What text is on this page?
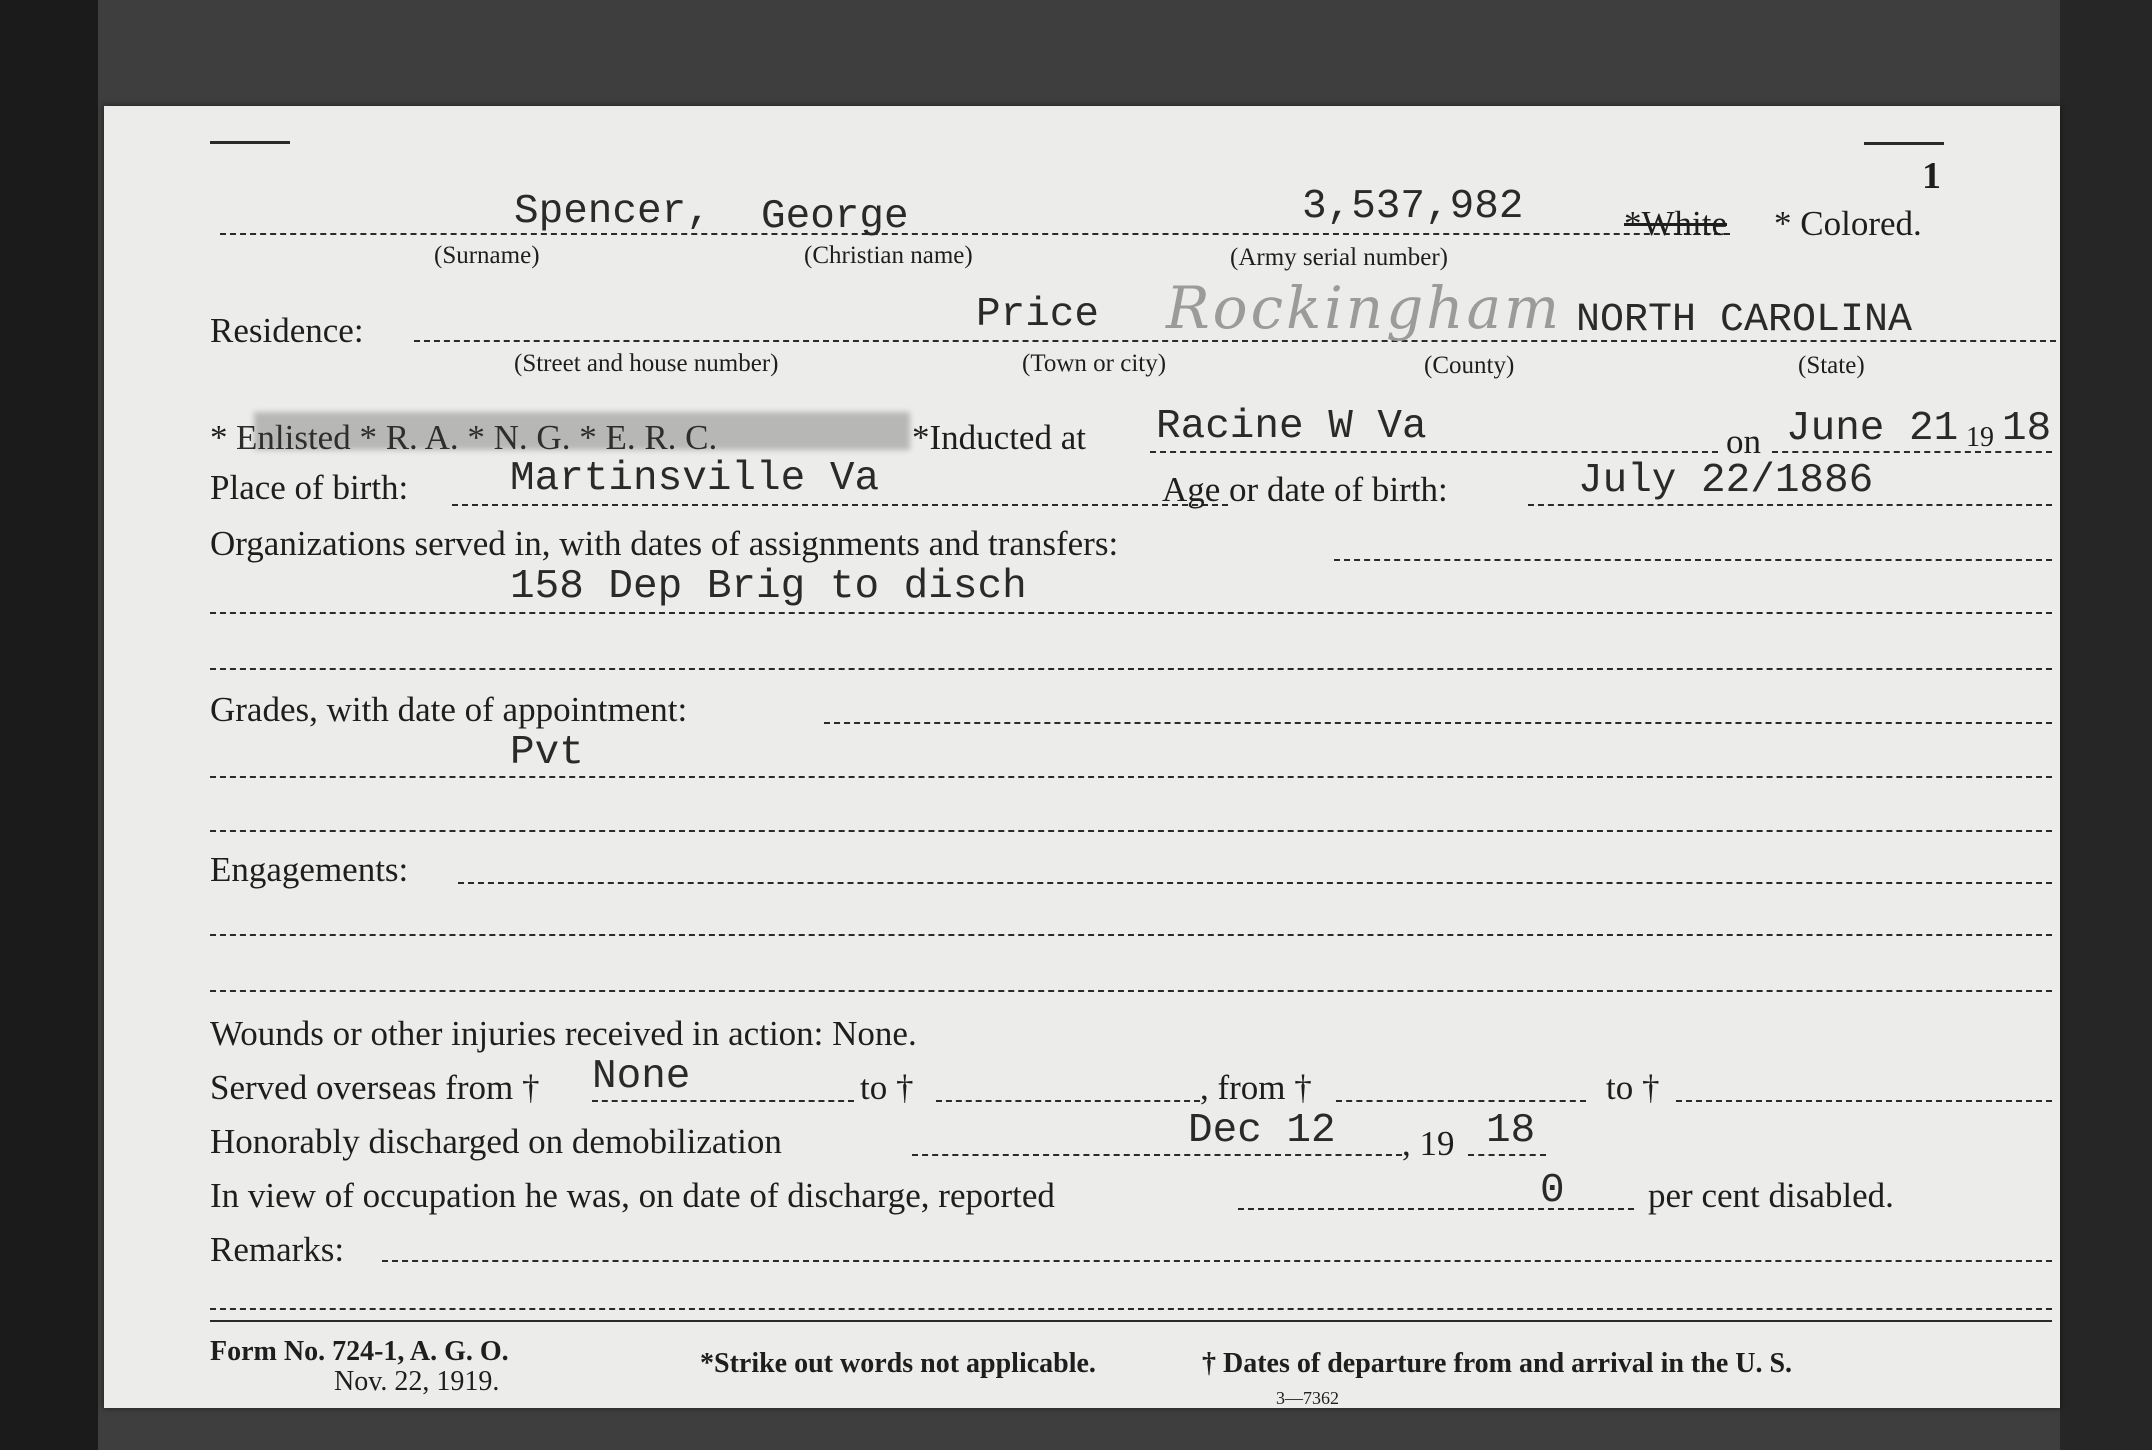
1
Spencer, George	3,537,982	*White * Colored.
(Surname)	(Christian name)	(Army serial number)
Residence:	Price Rockingham NORTH CAROLINA
(Street and house number)	(Town or city)	(County)	(State)
* Enlisted * R. A. * N. G. * E. R. C.	*Inducted at Racine W Va	on June 21 19 18
Place of birth: Martinsville Va	Age or date of birth:	July 22/1886
Organizations served in, with dates of assignments and transfers:
158 Dep Brig to disch
Grades, with date of appointment:
Pvt
Engagements:
Wounds or other injuries received in action: None.
Served overseas from † None	to †	, from †	to †
Honorably discharged on demobilization	Dec 12 , 19 18
In view of occupation he was, on date of discharge, reported	0 per cent disabled.
Remarks:
Form No. 724-1, A. G. O.
Nov. 22, 1919.
*Strike out words not applicable.	† Dates of departure from and arrival in the U. S.
3—7362
